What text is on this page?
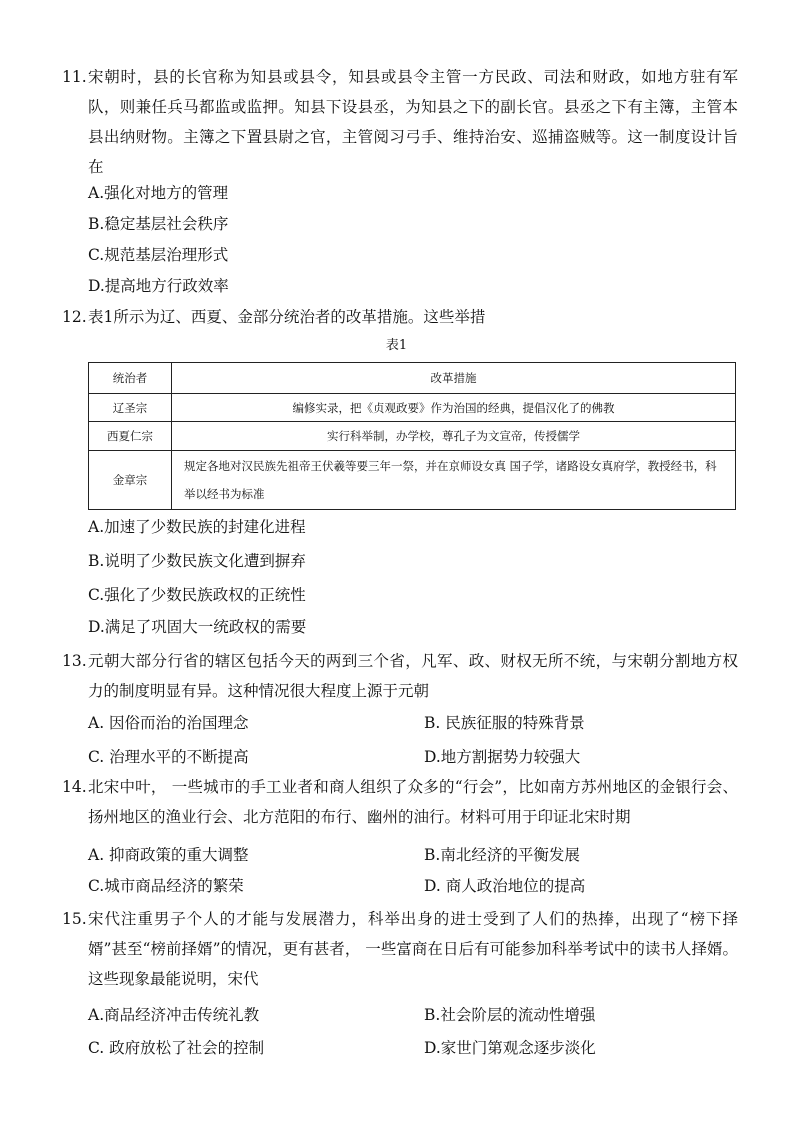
11. 宋朝时，县的长官称为知县或县令，知县或县令主管一方民政、司法和财政，如地方驻有军队，则兼任兵马都监或监押。知县下设县丞，为知县之下的副长官。县丞之下有主簿，主管本县出纳财物。主簿之下置县尉之官，主管阅习弓手、维持治安、巡捕盗贼等。这一制度设计旨在
A.强化对地方的管理
B.稳定基层社会秩序
C.规范基层治理形式
D.提高地方行政效率
12. 表1所示为辽、西夏、金部分统治者的改革措施。这些举措
表1
统治者	改革措施
辽圣宗	编修实录，把《贞观政要》作为治国的经典，提倡汉化了的佛教
西夏仁宗	实行科举制，办学校，尊孔子为文宣帝，传授儒学
金章宗	规定各地对汉民族先祖帝王伏羲等要三年一祭，并在京师设女真 国子学，诸路设女真府学，教授经书，科举以经书为标准
A.加速了少数民族的封建化进程
B.说明了少数民族文化遭到摒弃
C.强化了少数民族政权的正统性
D.满足了巩固大一统政权的需要
13. 元朝大部分行省的辖区包括今天的两到三个省，凡军、政、财权无所不统，与宋朝分割地方权力的制度明显有异。这种情况很大程度上源于元朝
A. 因俗而治的治国理念	B. 民族征服的特殊背景
C. 治理水平的不断提高	D.地方割据势力较强大
14. 北宋中叶， 一些城市的手工业者和商人组织了众多的“行会”，比如南方苏州地区的金银行会、扬州地区的渔业行会、北方范阳的布行、幽州的油行。材料可用于印证北宋时期
A. 抑商政策的重大调整	B.南北经济的平衡发展
C.城市商品经济的繁荣	D. 商人政治地位的提高
15. 宋代注重男子个人的才能与发展潜力，科举出身的进士受到了人们的热捧，出现了“榜下择婿”甚至“榜前择婿”的情况，更有甚者， 一些富商在日后有可能参加科举考试中的读书人择婿。这些现象最能说明，宋代
A.商品经济冲击传统礼教	B.社会阶层的流动性增强
C. 政府放松了社会的控制	D.家世门第观念逐步淡化
